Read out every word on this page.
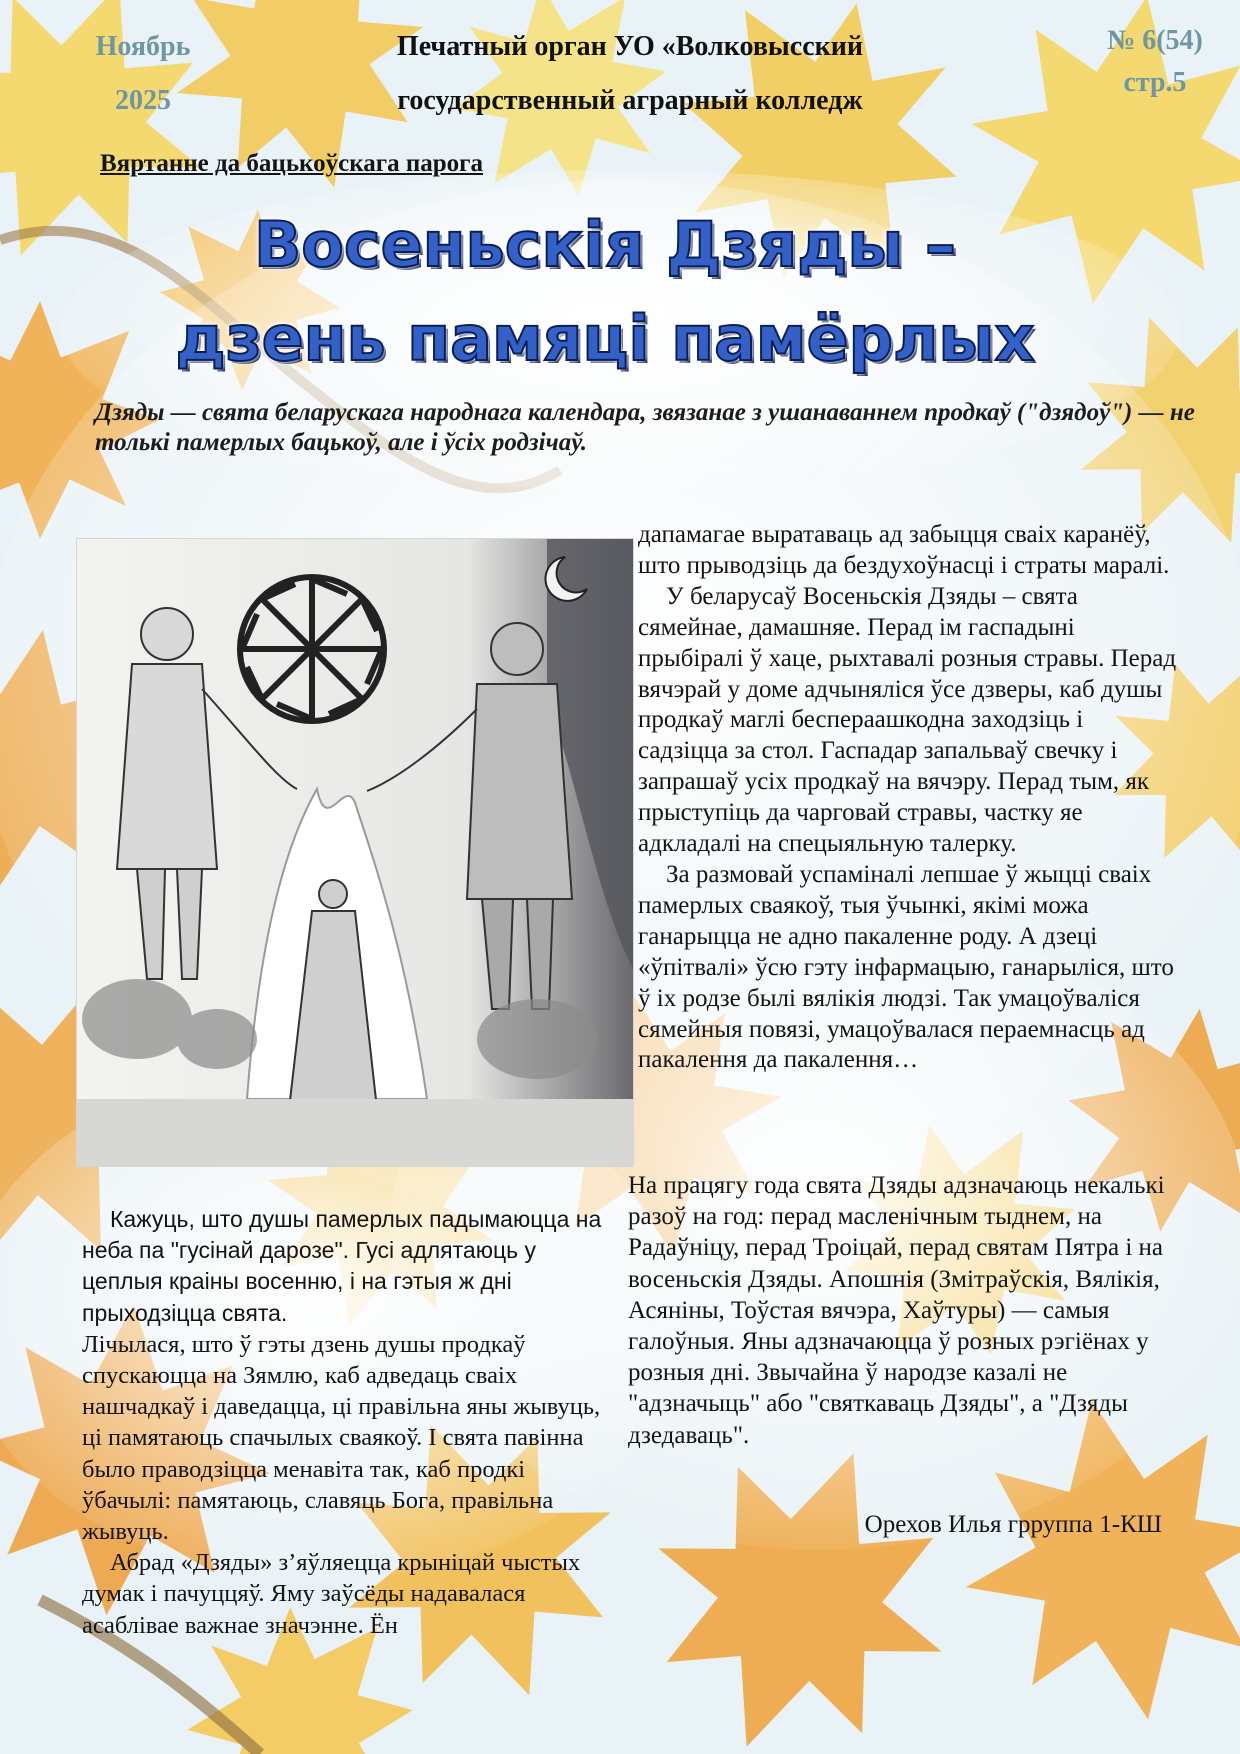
Ноябрь
2025
Печатный орган УО «Волковысский
государственный аграрный колледж
№ 6(54)
стр.5
Вяртанне да бацькоўскага парога
Восеньскія Дзяды –
дзень памяці памёрлых
Дзяды — свята беларускага народнага календара, звязанае з ушанаваннем продкаў ("дзядоў") — не толькі памерлых бацькоў, але і ўсіх родзічаў.

дапамагае выратаваць ад забыцця сваіх каранёў, што прыводзіць да бездухоўнасці і страты маралі.

У беларусаў Восеньскія Дзяды – свята сямейнае, дамашняе. Перад ім гаспадыні прыбіралі ў хаце, рыхтавалі розныя стравы. Перад вячэрай у доме адчыняліся ўсе дзверы, каб душы продкаў маглі беспераашкодна заходзіць і садзіцца за стол. Гаспадар запальваў свечку і запрашаў усіх продкаў на вячэру. Перад тым, як прыступіць да чарговай стравы, частку яе адкладалі на спецыяльную талерку.

За размовай успаміналі лепшае ў жыцці сваіх памерлых сваякоў, тыя ўчынкі, якімі можа ганарыцца не адно пакаленне роду. А дзеці «ўпітвалі» ўсю гэту інфармацыю, ганарыліся, што ў іх родзе былі вялікія людзі. Так умацоўваліся сямейныя повязі, умацоўвалася пераемнасць ад пакалення да пакалення…

На працягу года свята Дзяды адзначаюць некалькі разоў на год: перад масленічным тыднем, на Радаўніцу, перад Троіцай, перад святам Пятра і на восеньскія Дзяды. Апошнія (Змітраўскія, Вялікія, Асяніны, Тоўстая вячэра, Хаўтуры) — самыя галоўныя. Яны адзначаюцца ў розных рэгіёнах у розныя дні. Звычайна ў народзе казалі не "адзначыць" або "святкаваць Дзяды", а "Дзяды дзедаваць".

Кажуць, што душы памерлых падымаюцца на неба па "гусінай дарозе". Гусі адлятаюць у цеплыя краіны восенню, і на гэтыя ж дні прыходзіцца свята.

Лічылася, што ў гэты дзень душы продкаў спускаюцца на Зямлю, каб адведаць сваіх нашчадкаў і даведацца, ці правільна яны жывуць, ці памятаюць спачылых сваякоў. І свята павінна было праводзіцца менавіта так, каб продкі ўбачылі: памятаюць, славяць Бога, правільна жывуць.

Абрад «Дзяды» з’яўляецца крыніцай чыстых думак і пачуццяў. Яму заўсёды надавалася асаблівае важнае значэнне. Ён

Орехов Илья грруппа 1-КШ
